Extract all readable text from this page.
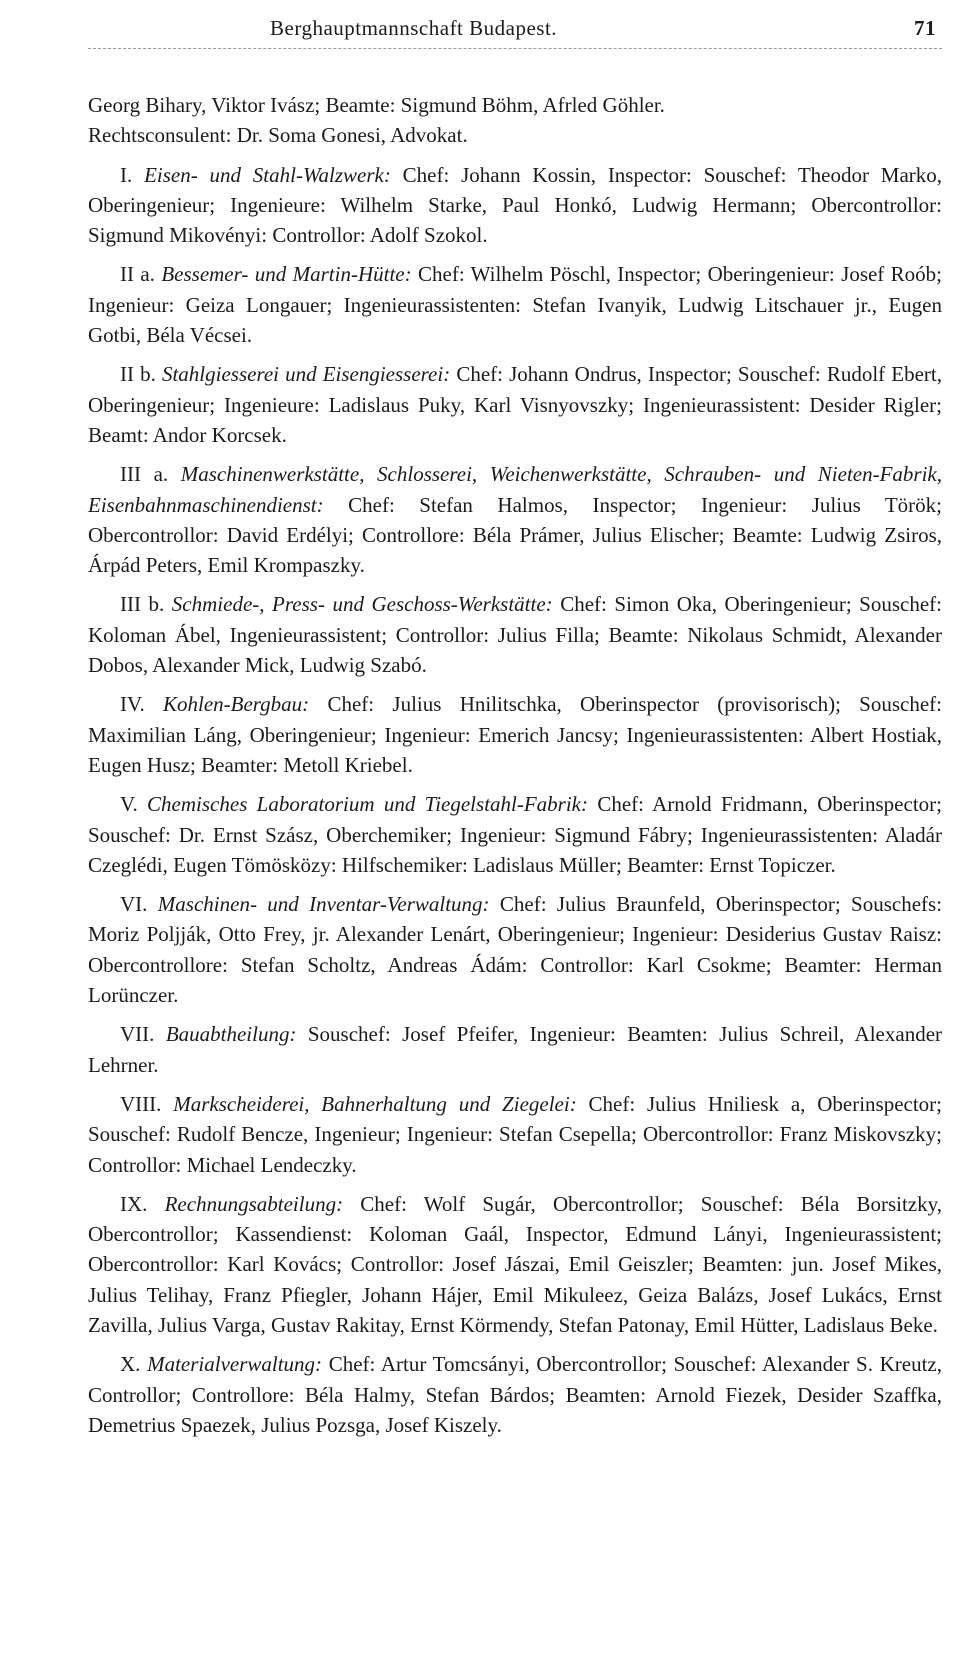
Berghauptmannschaft Budapest.	71

Georg Bihary, Viktor Ivász; Beamte: Sigmund Böhm, Afrled Göhler.

Rechtsconsulent: Dr. Soma Gonesi, Advokat.

I. Eisen- und Stahl-Walzwerk: Chef: Johann Kossin, Inspector: Souschef: Theodor Marko, Oberingenieur; Ingenieure: Wilhelm Starke, Paul Honkó, Ludwig Hermann; Obercontrollor: Sigmund Mikovényi: Controllor: Adolf Szokol.

II a. Bessemer- und Martin-Hütte: Chef: Wilhelm Pöschl, Inspector; Oberingenieur: Josef Roób; Ingenieur: Geiza Longauer; Ingenieurassistenten: Stefan Ivanyik, Ludwig Litschauer jr., Eugen Gotbi, Béla Vécsei.

II b. Stahlgiesserei und Eisengiesserei: Chef: Johann Ondrus, Inspector; Souschef: Rudolf Ebert, Oberingenieur; Ingenieure: Ladislaus Puky, Karl Visnyovszky; Ingenieurassistent: Desider Rigler; Beamt: Andor Korcsek.

III a. Maschinenwerkstätte, Schlosserei, Weichenwerkstätte, Schrauben- und Nieten-Fabrik, Eisenbahnmaschinendienst: Chef: Stefan Halmos, Inspector; Ingenieur: Julius Török; Obercontrollor: David Erdélyi; Controllore: Béla Prámer, Julius Elischer; Beamte: Ludwig Zsiros, Árpád Peters, Emil Krompaszky.

III b. Schmiede-, Press- und Geschoss-Werkstätte: Chef: Simon Oka, Oberingenieur; Souschef: Koloman Ábel, Ingenieurassistent; Controllor: Julius Filla; Beamte: Nikolaus Schmidt, Alexander Dobos, Alexander Mick, Ludwig Szabó.

IV. Kohlen-Bergbau: Chef: Julius Hnilitschka, Oberinspector (provisorisch); Souschef: Maximilian Láng, Oberingenieur; Ingenieur: Emerich Jancsy; Ingenieurassistenten: Albert Hostiak, Eugen Husz; Beamter: Metoll Kriebel.

V. Chemisches Laboratorium und Tiegelstahl-Fabrik: Chef: Arnold Fridmann, Oberinspector; Souschef: Dr. Ernst Szász, Oberchemiker; Ingenieur: Sigmund Fábry; Ingenieurassistenten: Aladár Czeglédi, Eugen Tömösközy: Hilfschemiker: Ladislaus Müller; Beamter: Ernst Topiczer.

VI. Maschinen- und Inventar-Verwaltung: Chef: Julius Braunfeld, Oberinspector; Souschefs: Moriz Poljják, Otto Frey, jr. Alexander Lenárt, Oberingenieur; Ingenieur: Desiderius Gustav Raisz: Obercontrollore: Stefan Scholtz, Andreas Ádám: Controllor: Karl Csokme; Beamter: Herman Lorünczer.

VII. Bauabtheilung: Souschef: Josef Pfeifer, Ingenieur: Beamten: Julius Schreil, Alexander Lehrner.

VIII. Markscheiderei, Bahnerhaltung und Ziegelei: Chef: Julius Hniliesk a, Oberinspector; Souschef: Rudolf Bencze, Ingenieur; Ingenieur: Stefan Csepella; Obercontrollor: Franz Miskovszky; Controllor: Michael Lendeczky.

IX. Rechnungsabteilung: Chef: Wolf Sugár, Obercontrollor; Souschef: Béla Borsitzky, Obercontrollor; Kassendienst: Koloman Gaál, Inspector, Edmund Lányi, Ingenieurassistent; Obercontrollor: Karl Kovács; Controllor: Josef Jászai, Emil Geiszler; Beamten: jun. Josef Mikes, Julius Telihay, Franz Pfiegler, Johann Hájer, Emil Mikuleez, Geiza Balázs, Josef Lukács, Ernst Zavilla, Julius Varga, Gustav Rakitay, Ernst Körmendy, Stefan Patonay, Emil Hütter, Ladislaus Beke.

X. Materialverwaltung: Chef: Artur Tomcsányi, Obercontrollor; Souschef: Alexander S. Kreutz, Controllor; Controllore: Béla Halmy, Stefan Bárdos; Beamten: Arnold Fiezek, Desider Szaffka, Demetrius Spaezek, Julius Pozsga, Josef Kiszely.
